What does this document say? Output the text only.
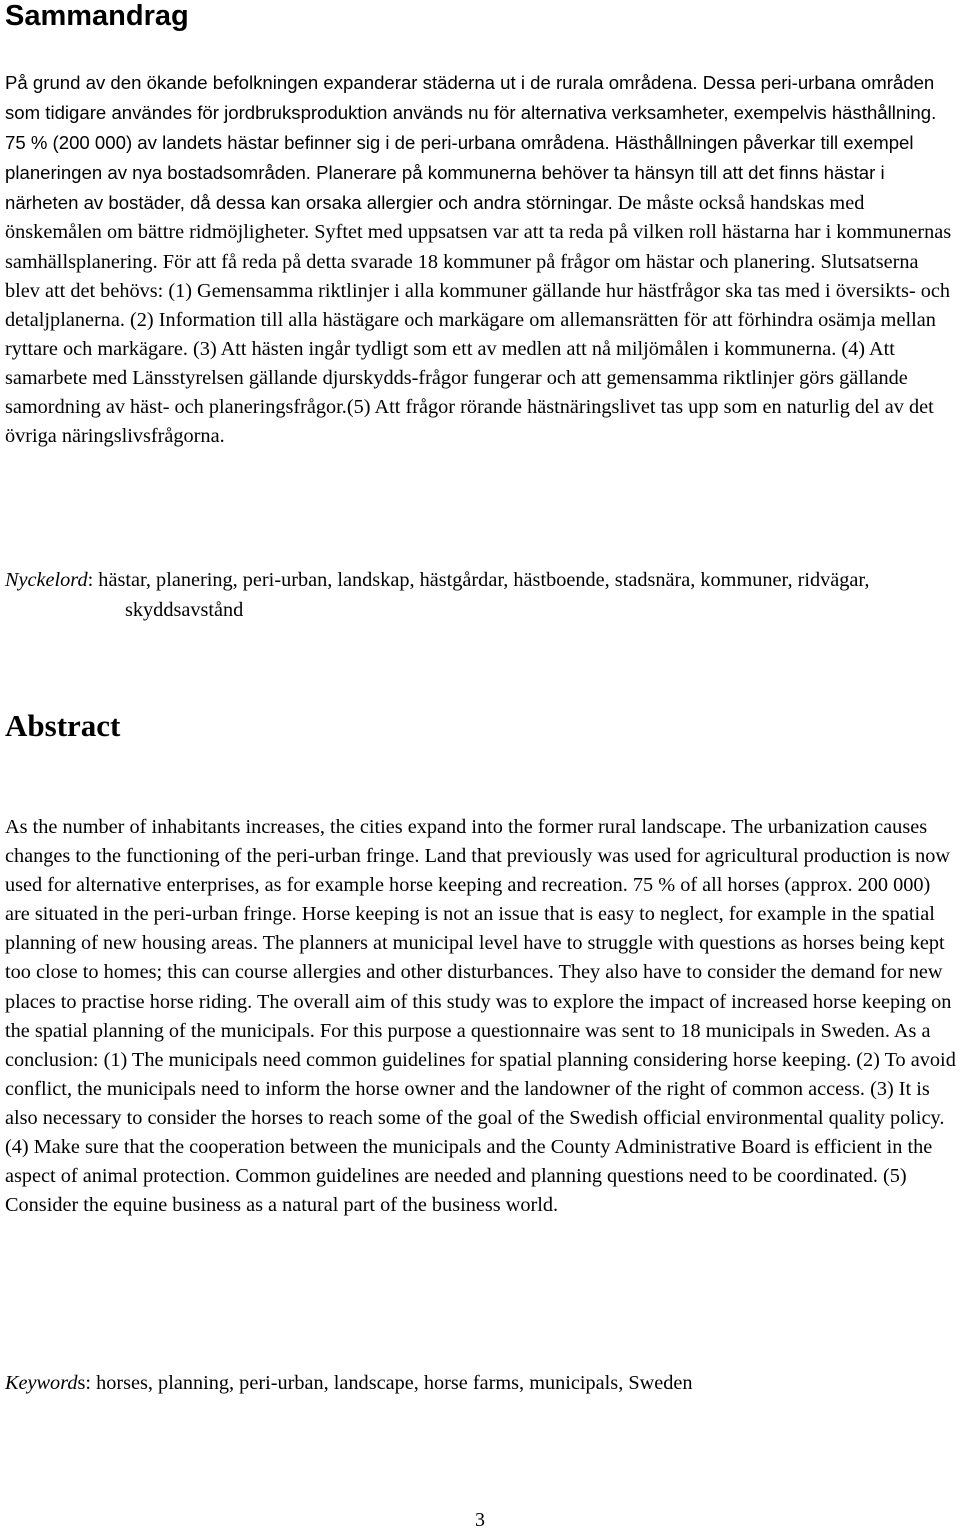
Sammandrag

På grund av den ökande befolkningen expanderar städerna ut i de rurala områdena. Dessa peri-urbana områden som tidigare användes för jordbruksproduktion används nu för alternativa verksamheter, exempelvis hästhållning. 75 % (200 000) av landets hästar befinner sig i de peri-urbana områdena. Hästhållningen påverkar till exempel planeringen av nya bostadsområden. Planerare på kommunerna behöver ta hänsyn till att det finns hästar i närheten av bostäder, då dessa kan orsaka allergier och andra störningar. De måste också handskas med önskemålen om bättre ridmöjligheter. Syftet med uppsatsen var att ta reda på vilken roll hästarna har i kommunernas samhällsplanering. För att få reda på detta svarade 18 kommuner på frågor om hästar och planering. Slutsatserna blev att det behövs: (1) Gemensamma riktlinjer i alla kommuner gällande hur hästfrågor ska tas med i översikts- och detaljplanerna. (2) Information till alla hästägare och markägare om allemansrätten för att förhindra osämja mellan ryttare och markägare. (3) Att hästen ingår tydligt som ett av medlen att nå miljömålen i kommunerna. (4) Att samarbete med Länsstyrelsen gällande djurskydds-frågor fungerar och att gemensamma riktlinjer görs gällande samordning av häst- och planeringsfrågor.(5) Att frågor rörande hästnäringslivet tas upp som en naturlig del av det övriga näringslivsfrågorna.

Nyckelord: hästar, planering, peri-urban, landskap, hästgårdar, hästboende, stadsnära, kommuner, ridvägar, skyddsavstånd

Abstract

As the number of inhabitants increases, the cities expand into the former rural landscape. The urbanization causes changes to the functioning of the peri-urban fringe. Land that previously was used for agricultural production is now used for alternative enterprises, as for example horse keeping and recreation. 75 % of all horses (approx. 200 000) are situated in the peri-urban fringe. Horse keeping is not an issue that is easy to neglect, for example in the spatial planning of new housing areas. The planners at municipal level have to struggle with questions as horses being kept too close to homes; this can course allergies and other disturbances. They also have to consider the demand for new places to practise horse riding. The overall aim of this study was to explore the impact of increased horse keeping on the spatial planning of the municipals. For this purpose a questionnaire was sent to 18 municipals in Sweden. As a conclusion: (1) The municipals need common guidelines for spatial planning considering horse keeping. (2) To avoid conflict, the municipals need to inform the horse owner and the landowner of the right of common access. (3) It is also necessary to consider the horses to reach some of the goal of the Swedish official environmental quality policy. (4) Make sure that the cooperation between the municipals and the County Administrative Board is efficient in the aspect of animal protection. Common guidelines are needed and planning questions need to be coordinated. (5) Consider the equine business as a natural part of the business world.

Keywords: horses, planning, peri-urban, landscape, horse farms, municipals, Sweden

3
